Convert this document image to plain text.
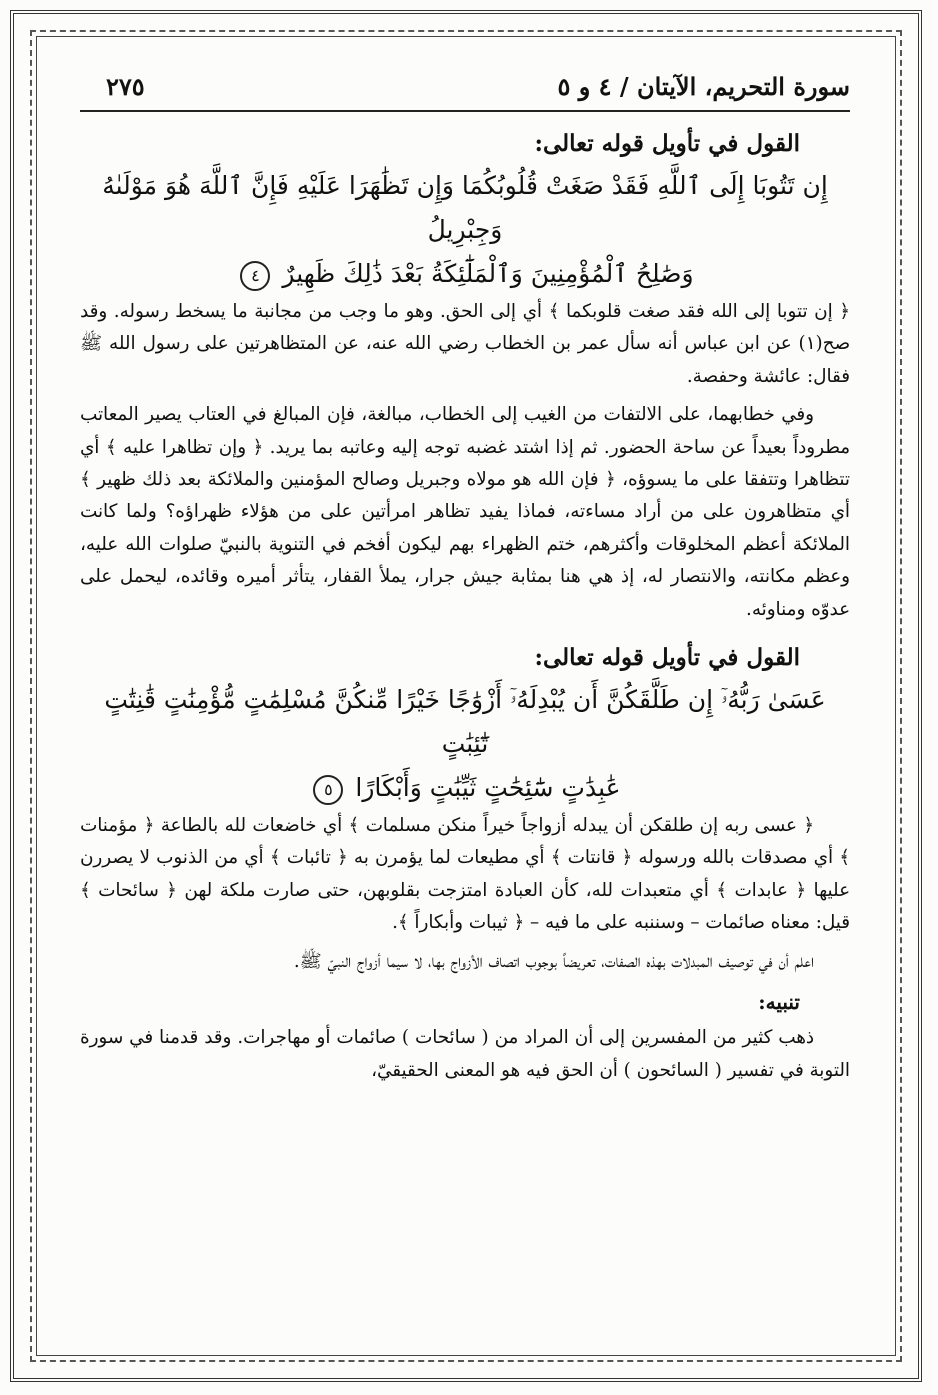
سورة التحريم، الآيتان / ٤ و ٥
٢٧٥
القول في تأويل قوله تعالى:

إِن تَتُوبَا إِلَى ٱللَّهِ فَقَدْ صَغَتْ قُلُوبُكُمَا وَإِن تَظَٰهَرَا عَلَيْهِ فَإِنَّ ٱللَّهَ هُوَ مَوْلَىٰهُ وَجِبْرِيلُ

وَصَٰلِحُ ٱلْمُؤْمِنِينَ وَٱلْمَلَٰٓئِكَةُ بَعْدَ ذَٰلِكَ ظَهِيرٌ ٤

﴿ إن تتوبا إلى الله فقد صغت قلوبكما ﴾ أي إلى الحق. وهو ما وجب من مجانبة ما يسخط رسوله. وقد صح(١) عن ابن عباس أنه سأل عمر بن الخطاب رضي الله عنه، عن المتظاهرتين على رسول الله ﷺ فقال: عائشة وحفصة.

وفي خطابهما، على الالتفات من الغيب إلى الخطاب، مبالغة، فإن المبالغ في العتاب يصير المعاتب مطروداً بعيداً عن ساحة الحضور. ثم إذا اشتد غضبه توجه إليه وعاتبه بما يريد. ﴿ وإن تظاهرا عليه ﴾ أي تتظاهرا وتتفقا على ما يسوؤه، ﴿ فإن الله هو مولاه وجبريل وصالح المؤمنين والملائكة بعد ذلك ظهير ﴾ أي متظاهرون على من أراد مساءته، فماذا يفيد تظاهر امرأتين على من هؤلاء ظهراؤه؟ ولما كانت الملائكة أعظم المخلوقات وأكثرهم، ختم الظهراء بهم ليكون أفخم في التنوية بالنبيّ صلوات الله عليه، وعظم مكانته، والانتصار له، إذ هي هنا بمثابة جيش جرار، يملأ القفار، يتأثر أميره وقائده، ليحمل على عدوّه ومناوئه.

القول في تأويل قوله تعالى:

عَسَىٰ رَبُّهُۥٓ إِن طَلَّقَكُنَّ أَن يُبْدِلَهُۥٓ أَزْوَٰجًا خَيْرًا مِّنكُنَّ مُسْلِمَٰتٍ مُّؤْمِنَٰتٍ قَٰنِتَٰتٍ تَٰٓئِبَٰتٍ

عَٰبِدَٰتٍ سَٰٓئِحَٰتٍ ثَيِّبَٰتٍ وَأَبْكَارًا ٥

﴿ عسى ربه إن طلقكن أن يبدله أزواجاً خيراً منكن مسلمات ﴾ أي خاضعات لله بالطاعة ﴿ مؤمنات ﴾ أي مصدقات بالله ورسوله ﴿ قانتات ﴾ أي مطيعات لما يؤمرن به ﴿ تائبات ﴾ أي من الذنوب لا يصررن عليها ﴿ عابدات ﴾ أي متعبدات لله، كأن العبادة امتزجت بقلوبهن، حتى صارت ملكة لهن ﴿ سائحات ﴾ قيل: معناه صائمات – وسننبه على ما فيه – ﴿ ثيبات وأبكاراً ﴾.

اعلم أن في توصيف المبدلات بهذه الصفات، تعريضاً بوجوب اتصاف الأزواج بها، لا سيما أزواج النبيّ ﷺ.

تنبيه:

ذهب كثير من المفسرين إلى أن المراد من ( سائحات ) صائمات أو مهاجرات. وقد قدمنا في سورة التوبة في تفسير ( السائحون ) أن الحق فيه هو المعنى الحقيقيّ،
